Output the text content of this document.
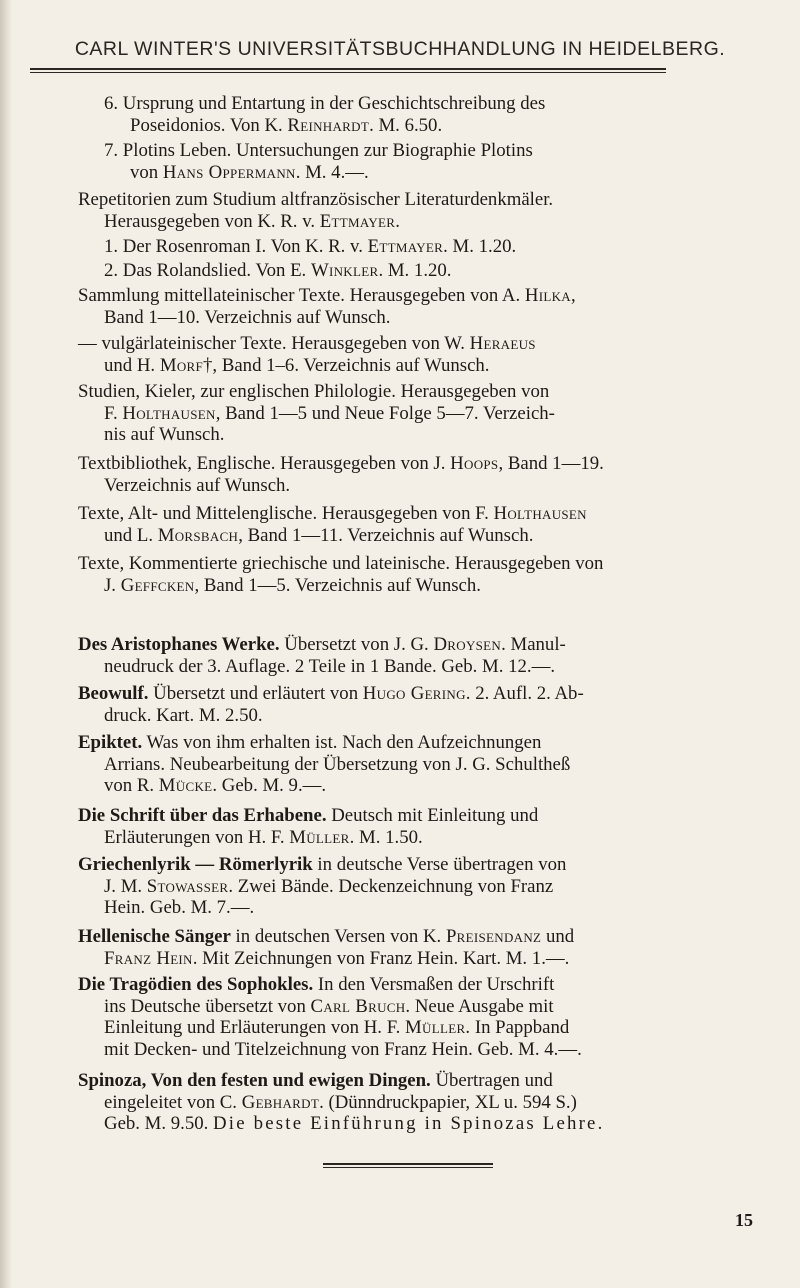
CARL WINTER'S UNIVERSITÄTSBUCHHANDLUNG IN HEIDELBERG.
6. Ursprung und Entartung in der Geschichtschreibung des
Poseidonios. Von K. Reinhardt. M. 6.50.
7. Plotins Leben. Untersuchungen zur Biographie Plotins
von Hans Oppermann. M. 4.—.
Repetitorien zum Studium altfranzösischer Literaturdenkmäler.
Herausgegeben von K. R. v. Ettmayer.
1. Der Rosenroman I. Von K. R. v. Ettmayer. M. 1.20.
2. Das Rolandslied. Von E. Winkler. M. 1.20.
Sammlung mittellateinischer Texte. Herausgegeben von A. Hilka,
Band 1—10. Verzeichnis auf Wunsch.
— vulgärlateinischer Texte. Herausgegeben von W. Heraeus
und H. Morf†, Band 1–6. Verzeichnis auf Wunsch.
Studien, Kieler, zur englischen Philologie. Herausgegeben von
F. Holthausen, Band 1—5 und Neue Folge 5—7. Verzeich-
nis auf Wunsch.
Textbibliothek, Englische. Herausgegeben von J. Hoops, Band 1—19.
Verzeichnis auf Wunsch.
Texte, Alt- und Mittelenglische. Herausgegeben von F. Holthausen
und L. Morsbach, Band 1—11. Verzeichnis auf Wunsch.
Texte, Kommentierte griechische und lateinische. Herausgegeben von
J. Geffcken, Band 1—5. Verzeichnis auf Wunsch.
Des Aristophanes Werke. Übersetzt von J. G. Droysen. Manul-
neudruck der 3. Auflage. 2 Teile in 1 Bande. Geb. M. 12.—.
Beowulf. Übersetzt und erläutert von Hugo Gering. 2. Aufl. 2. Ab-
druck. Kart. M. 2.50.
Epiktet. Was von ihm erhalten ist. Nach den Aufzeichnungen
Arrians. Neubearbeitung der Übersetzung von J. G. Schultheß
von R. Mücke. Geb. M. 9.—.
Die Schrift über das Erhabene. Deutsch mit Einleitung und
Erläuterungen von H. F. Müller. M. 1.50.
Griechenlyrik — Römerlyrik in deutsche Verse übertragen von
J. M. Stowasser. Zwei Bände. Deckenzeichnung von Franz
Hein. Geb. M. 7.—.
Hellenische Sänger in deutschen Versen von K. Preisendanz und
Franz Hein. Mit Zeichnungen von Franz Hein. Kart. M. 1.—.
Die Tragödien des Sophokles. In den Versmaßen der Urschrift
ins Deutsche übersetzt von Carl Bruch. Neue Ausgabe mit
Einleitung und Erläuterungen von H. F. Müller. In Pappband
mit Decken- und Titelzeichnung von Franz Hein. Geb. M. 4.—.
Spinoza, Von den festen und ewigen Dingen. Übertragen und
eingeleitet von C. Gebhardt. (Dünndruckpapier, XL u. 594 S.)
Geb. M. 9.50. Die beste Einführung in Spinozas Lehre.
15
